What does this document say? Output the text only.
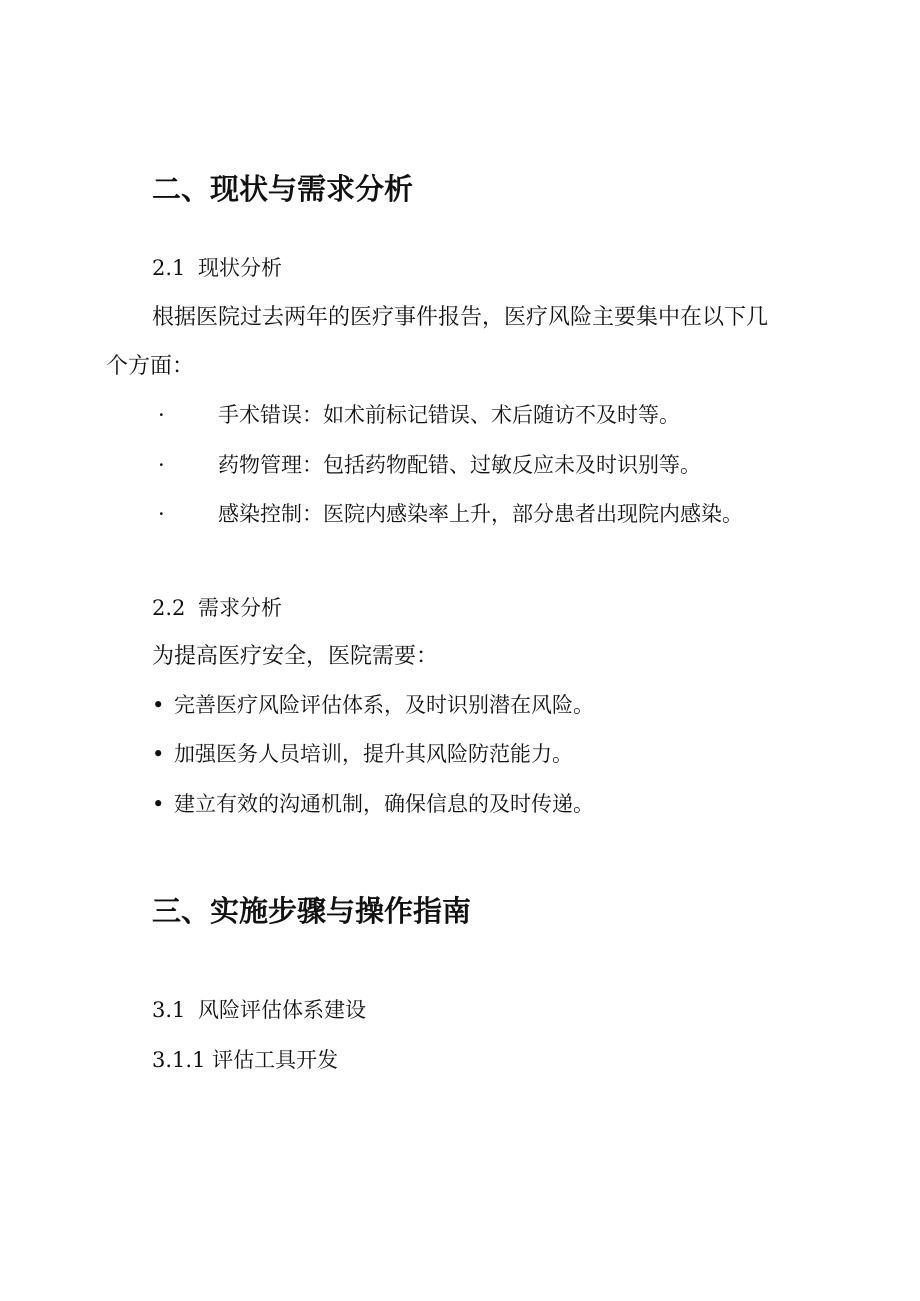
二、现状与需求分析
2.1 现状分析
根据医院过去两年的医疗事件报告，医疗风险主要集中在以下几
个方面：
·	手术错误：如术前标记错误、术后随访不及时等。
·	药物管理：包括药物配错、过敏反应未及时识别等。
·	感染控制：医院内感染率上升，部分患者出现院内感染。
2.2 需求分析
为提高医疗安全，医院需要：
• 完善医疗风险评估体系，及时识别潜在风险。
• 加强医务人员培训，提升其风险防范能力。
• 建立有效的沟通机制，确保信息的及时传递。
三、实施步骤与操作指南
3.1 风险评估体系建设
3.1.1 评估工具开发
